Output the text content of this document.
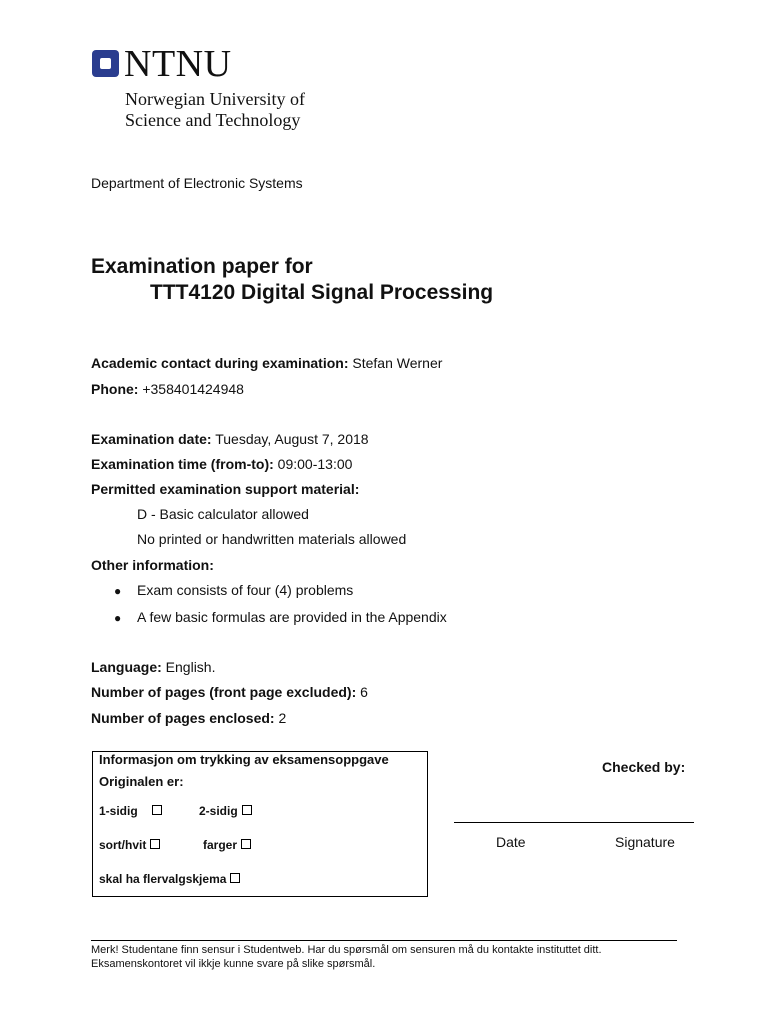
NTNU
Norwegian University of
Science and Technology
Department of Electronic Systems
Examination paper for
TTT4120 Digital Signal Processing
Academic contact during examination: Stefan Werner
Phone: +358401424948
Examination date: Tuesday, August 7, 2018
Examination time (from-to): 09:00-13:00
Permitted examination support material:
D - Basic calculator allowed
No printed or handwritten materials allowed
Other information:
● Exam consists of four (4) problems
● A few basic formulas are provided in the Appendix
Language: English.
Number of pages (front page excluded): 6
Number of pages enclosed: 2
Informasjon om trykking av eksamensoppgave
Originalen er:
1-sidig	2-sidig
sort/hvit	farger
skal ha flervalgskjema
Checked by:
Date	Signature
Merk! Studentane finn sensur i Studentweb. Har du spørsmål om sensuren må du kontakte instituttet ditt.
Eksamenskontoret vil ikkje kunne svare på slike spørsmål.
